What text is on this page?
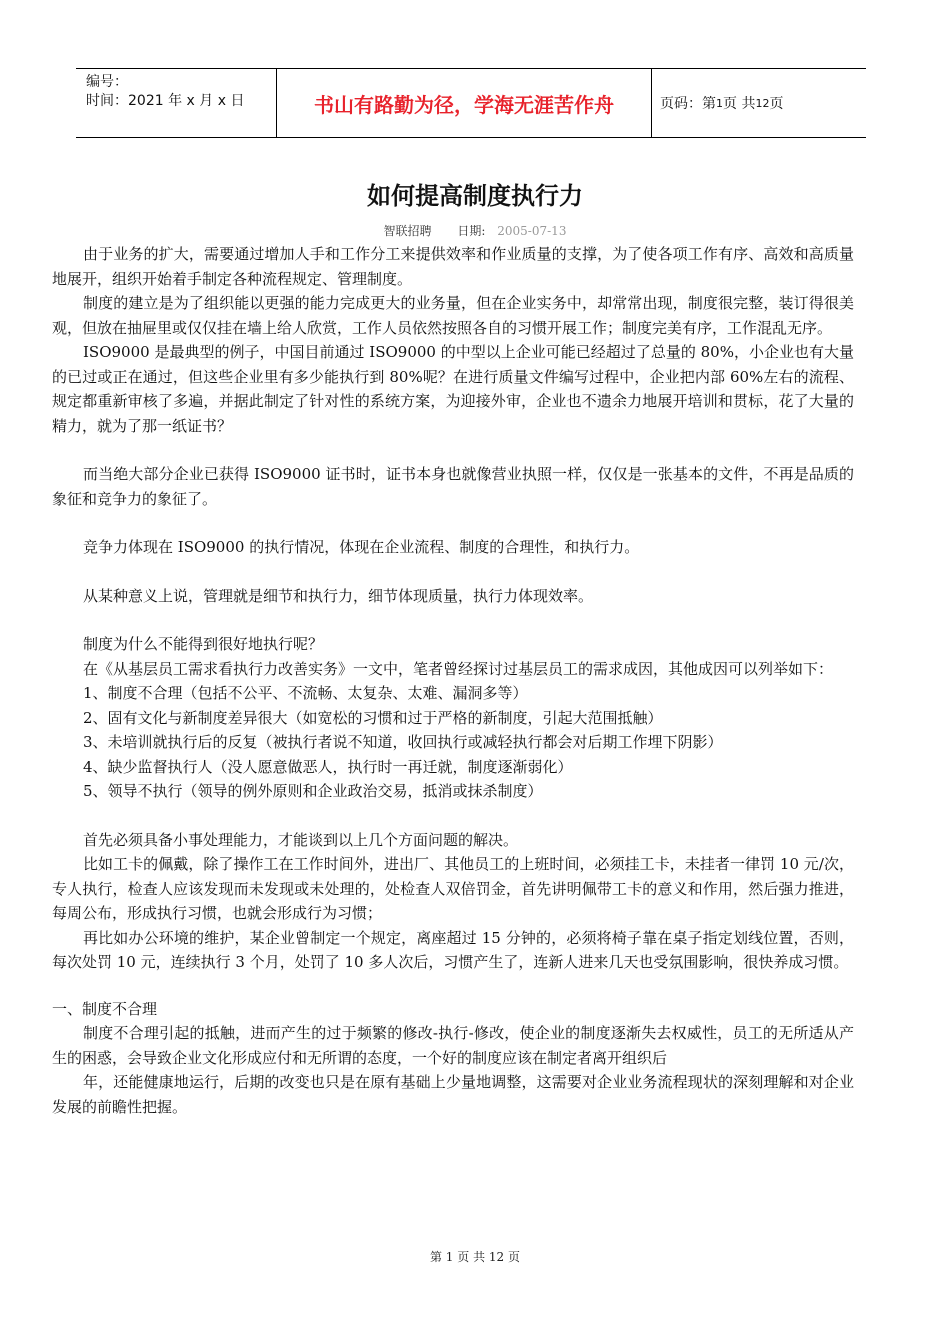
编号：
时间：2021 年 x 月 x 日	书山有路勤为径，学海无涯苦作舟	页码：第 1 页 共 12 页
如何提高制度执行力
智联招聘 日期: 2005-07-13

由于业务的扩大，需要通过增加人手和工作分工来提供效率和作业质量的支撑，为了使各项工作有序、高效和高质量地展开，组织开始着手制定各种流程规定、管理制度。

制度的建立是为了组织能以更强的能力完成更大的业务量，但在企业实务中，却常常出现，制度很完整，装订得很美观，但放在抽屉里或仅仅挂在墙上给人欣赏，工作人员依然按照各自的习惯开展工作；制度完美有序，工作混乱无序。

ISO9000 是最典型的例子，中国目前通过 ISO9000 的中型以上企业可能已经超过了总量的 80%，小企业也有大量的已过或正在通过，但这些企业里有多少能执行到 80%呢？在进行质量文件编写过程中，企业把内部 60%左右的流程、规定都重新审核了多遍，并据此制定了针对性的系统方案，为迎接外审，企业也不遗余力地展开培训和贯标，花了大量的精力，就为了那一纸证书？

而当绝大部分企业已获得 ISO9000 证书时，证书本身也就像营业执照一样，仅仅是一张基本的文件，不再是品质的象征和竞争力的象征了。

竞争力体现在 ISO9000 的执行情况，体现在企业流程、制度的合理性，和执行力。

从某种意义上说，管理就是细节和执行力，细节体现质量，执行力体现效率。

制度为什么不能得到很好地执行呢？

在《从基层员工需求看执行力改善实务》一文中，笔者曾经探讨过基层员工的需求成因，其他成因可以列举如下：

1、制度不合理（包括不公平、不流畅、太复杂、太难、漏洞多等）

2、固有文化与新制度差异很大（如宽松的习惯和过于严格的新制度，引起大范围抵触）

3、未培训就执行后的反复（被执行者说不知道，收回执行或减轻执行都会对后期工作埋下阴影）

4、缺少监督执行人（没人愿意做恶人，执行时一再迁就，制度逐渐弱化）

5、领导不执行（领导的例外原则和企业政治交易，抵消或抹杀制度）

首先必须具备小事处理能力，才能谈到以上几个方面问题的解决。

比如工卡的佩戴，除了操作工在工作时间外，进出厂、其他员工的上班时间，必须挂工卡，未挂者一律罚 10 元/次，专人执行，检查人应该发现而未发现或未处理的，处检查人双倍罚金，首先讲明佩带工卡的意义和作用，然后强力推进，每周公布，形成执行习惯，也就会形成行为习惯；

再比如办公环境的维护，某企业曾制定一个规定，离座超过 15 分钟的，必须将椅子靠在桌子指定划线位置，否则，每次处罚 10 元，连续执行 3 个月，处罚了 10 多人次后，习惯产生了，连新人进来几天也受氛围影响，很快养成习惯。

一、制度不合理

制度不合理引起的抵触，进而产生的过于频繁的修改-执行-修改，使企业的制度逐渐失去权威性，员工的无所适从产生的困惑，会导致企业文化形成应付和无所谓的态度，一个好的制度应该在制定者离开组织后

年，还能健康地运行，后期的改变也只是在原有基础上少量地调整，这需要对企业业务流程现状的深刻理解和对企业发展的前瞻性把握。

第 1 页 共 12 页
